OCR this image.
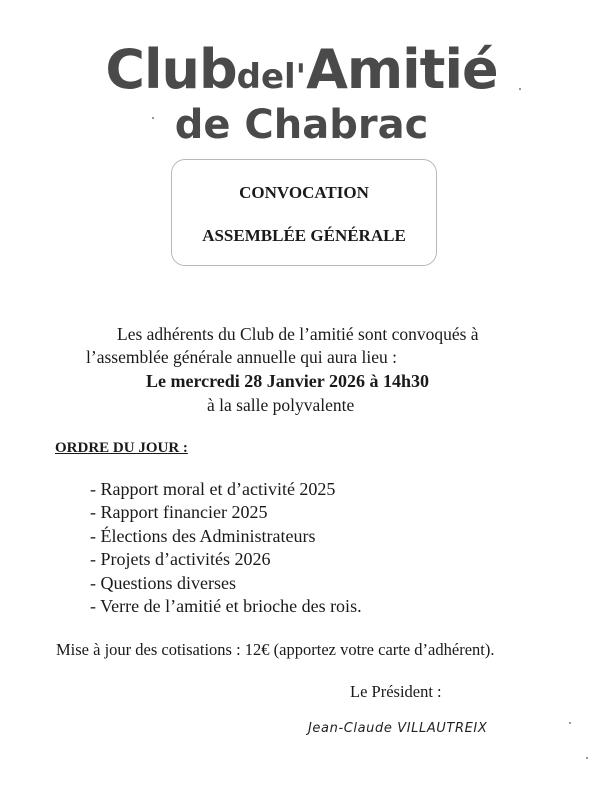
Clubdel'Amitié
de Chabrac
CONVOCATION
ASSEMBLÉE GÉNÉRALE
Les adhérents du Club de l’amitié sont convoqués à
l’assemblée générale annuelle qui aura lieu :
Le mercredi 28 Janvier 2026 à 14h30
à la salle polyvalente
ORDRE DU JOUR :
- Rapport moral et d’activité 2025
- Rapport financier 2025
- Élections des Administrateurs
- Projets d’activités 2026
- Questions diverses
- Verre de l’amitié et brioche des rois.
Mise à jour des cotisations : 12€ (apportez votre carte d’adhérent).
Le Président :
Jean-Claude VILLAUTREIX
